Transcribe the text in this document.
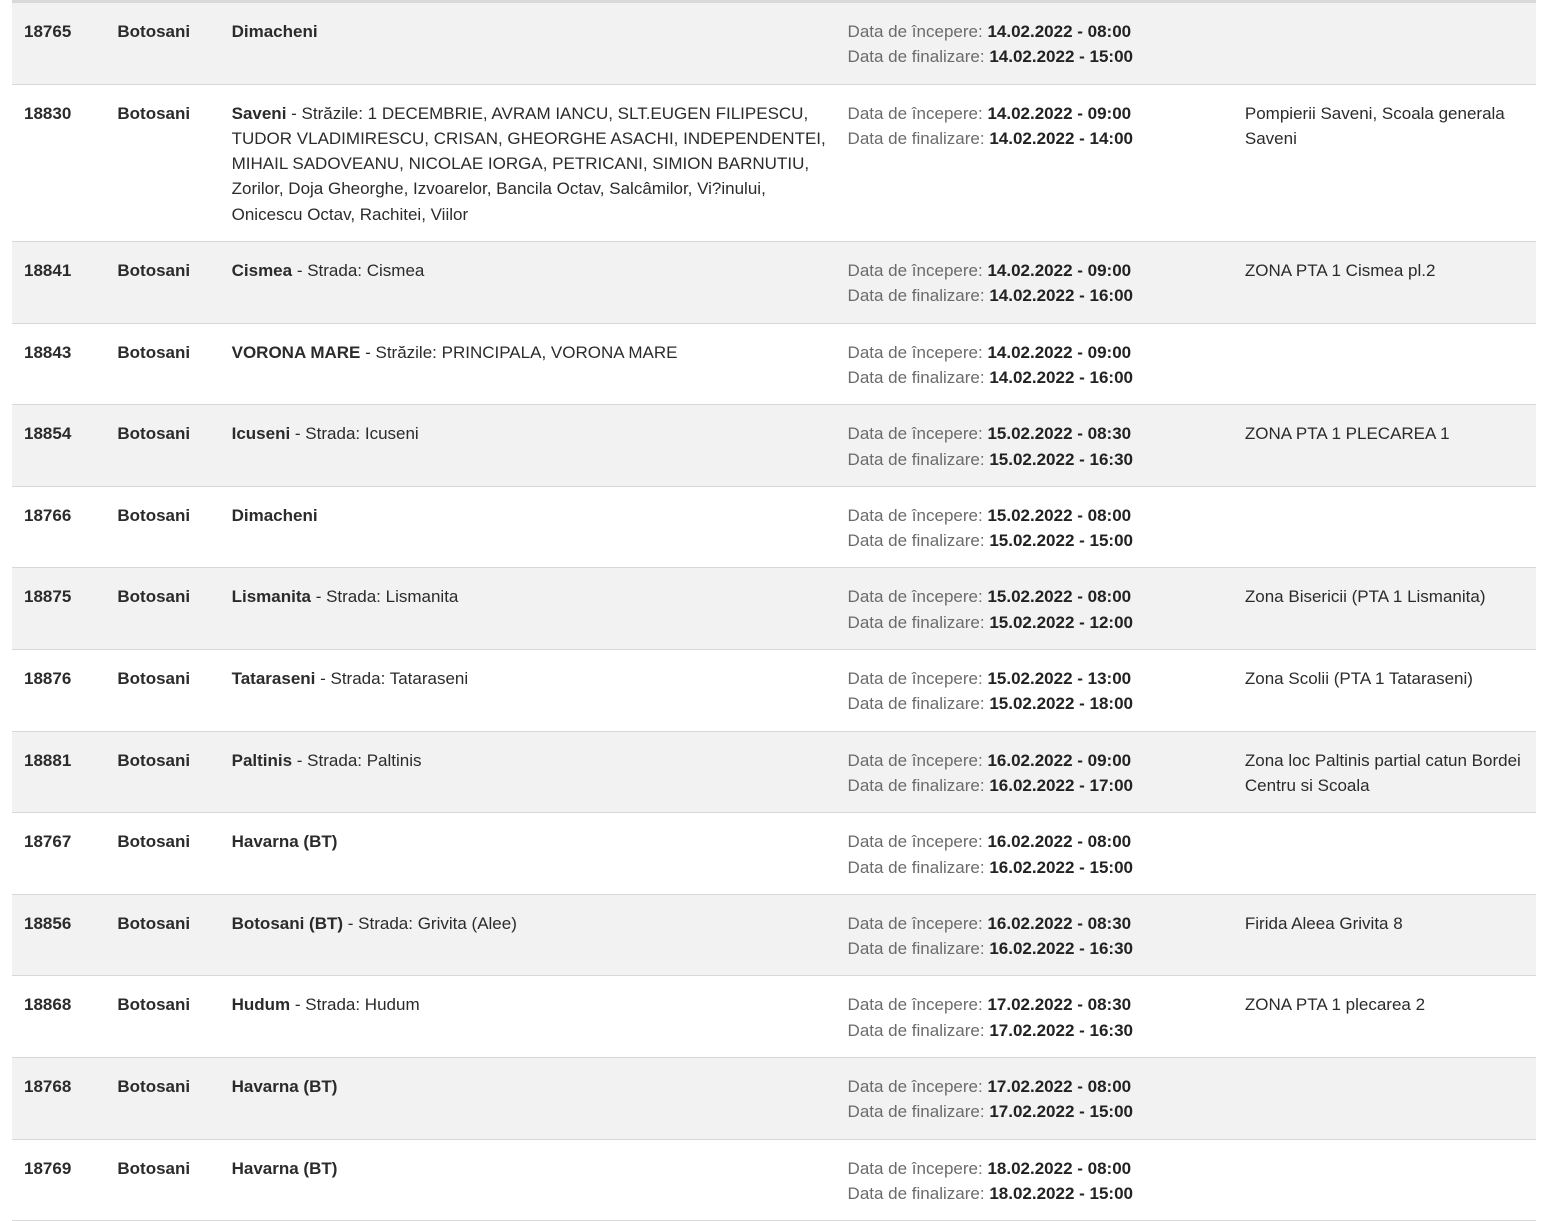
18765	Botosani	Dimacheni	Data de începere: 14.02.2022 - 08:00
Data de finalizare: 14.02.2022 - 15:00
18830	Botosani	Saveni - Străzile: 1 DECEMBRIE, AVRAM IANCU, SLT.EUGEN FILIPESCU, TUDOR VLADIMIRESCU, CRISAN, GHEORGHE ASACHI, INDEPENDENTEI, MIHAIL SADOVEANU, NICOLAE IORGA, PETRICANI, SIMION BARNUTIU, Zorilor, Doja Gheorghe, Izvoarelor, Bancila Octav, Salcâmilor, Vi?inului, Onicescu Octav, Rachitei, Viilor
Data de începere: 14.02.2022 - 09:00
Data de finalizare: 14.02.2022 - 14:00
Pompierii Saveni, Scoala generala Saveni
18841	Botosani	Cismea - Strada: Cismea	Data de începere: 14.02.2022 - 09:00
Data de finalizare: 14.02.2022 - 16:00
ZONA PTA 1 Cismea pl.2
18843	Botosani	VORONA MARE - Străzile: PRINCIPALA, VORONA MARE	Data de începere: 14.02.2022 - 09:00
Data de finalizare: 14.02.2022 - 16:00
18854	Botosani	Icuseni - Strada: Icuseni	Data de începere: 15.02.2022 - 08:30
Data de finalizare: 15.02.2022 - 16:30
ZONA PTA 1 PLECAREA 1
18766	Botosani	Dimacheni	Data de începere: 15.02.2022 - 08:00
Data de finalizare: 15.02.2022 - 15:00
18875	Botosani	Lismanita - Strada: Lismanita	Data de începere: 15.02.2022 - 08:00
Data de finalizare: 15.02.2022 - 12:00
Zona Bisericii (PTA 1 Lismanita)
18876	Botosani	Tataraseni - Strada: Tataraseni	Data de începere: 15.02.2022 - 13:00
Data de finalizare: 15.02.2022 - 18:00
Zona Scolii (PTA 1 Tataraseni)
18881	Botosani	Paltinis - Strada: Paltinis	Data de începere: 16.02.2022 - 09:00
Data de finalizare: 16.02.2022 - 17:00
Zona loc Paltinis partial catun Bordei Centru si Scoala
18767	Botosani	Havarna (BT)	Data de începere: 16.02.2022 - 08:00
Data de finalizare: 16.02.2022 - 15:00
18856	Botosani	Botosani (BT) - Strada: Grivita (Alee)	Data de începere: 16.02.2022 - 08:30
Data de finalizare: 16.02.2022 - 16:30
Firida Aleea Grivita 8
18868	Botosani	Hudum - Strada: Hudum	Data de începere: 17.02.2022 - 08:30
Data de finalizare: 17.02.2022 - 16:30
ZONA PTA 1 plecarea 2
18768	Botosani	Havarna (BT)	Data de începere: 17.02.2022 - 08:00
Data de finalizare: 17.02.2022 - 15:00
18769	Botosani	Havarna (BT)	Data de începere: 18.02.2022 - 08:00
Data de finalizare: 18.02.2022 - 15:00
